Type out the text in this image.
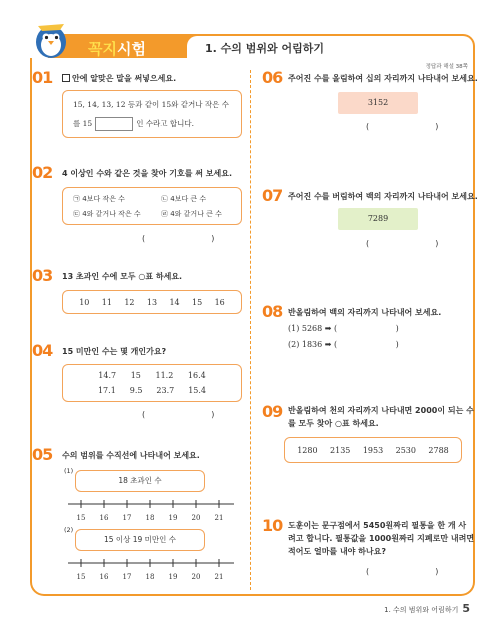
꼭지시험	1. 수의 범위와 어림하기
정답과 해설 38쪽
01	안에 알맞은 말을 써넣으세요.
15, 14, 13, 12 등과 같이 15와 같거나 작은 수
를 15	인 수라고 합니다.
02 4 이상인 수와 같은 것을 찾아 기호를 써 보세요.
㉠ 4보다 작은 수	㉡ 4보다 큰 수
㉢ 4와 같거나 작은 수	㉣ 4와 같거나 큰 수
(                          )
03 13 초과인 수에 모두 ○표 하세요.
10 11 12 13 14 15 16
04 15 미만인 수는 몇 개인가요?
14.7 15 11.2 16.4
17.1 9.5 23.7 15.4
(                          )
05 수의 범위를 수직선에 나타내어 보세요.
(1)
18 초과인 수
15 16 17 18 19 20 21
(2)
15 이상 19 미만인 수
15 16 17 18 19 20 21
06 주어진 수를 올림하여 십의 자리까지 나타내어 보세요.
3152
(                          )
07 주어진 수를 버림하여 백의 자리까지 나타내어 보세요.
7289
(                          )
08 반올림하여 백의 자리까지 나타내어 보세요.
(1) 5268 ➡ (                       )
(2) 1836 ➡ (                       )
09 반올림하여 천의 자리까지 나타내면 2000이 되는 수
를 모두 찾아 ○표 하세요.
1280 2135 1953 2530 2788
10 도훈이는 문구점에서 5450원짜리 필통을 한 개 사
려고 합니다. 필통값을 1000원짜리 지폐로만 내려면
적어도 얼마를 내야 하나요?
(                          )
1. 수의 범위와 어림하기 5
